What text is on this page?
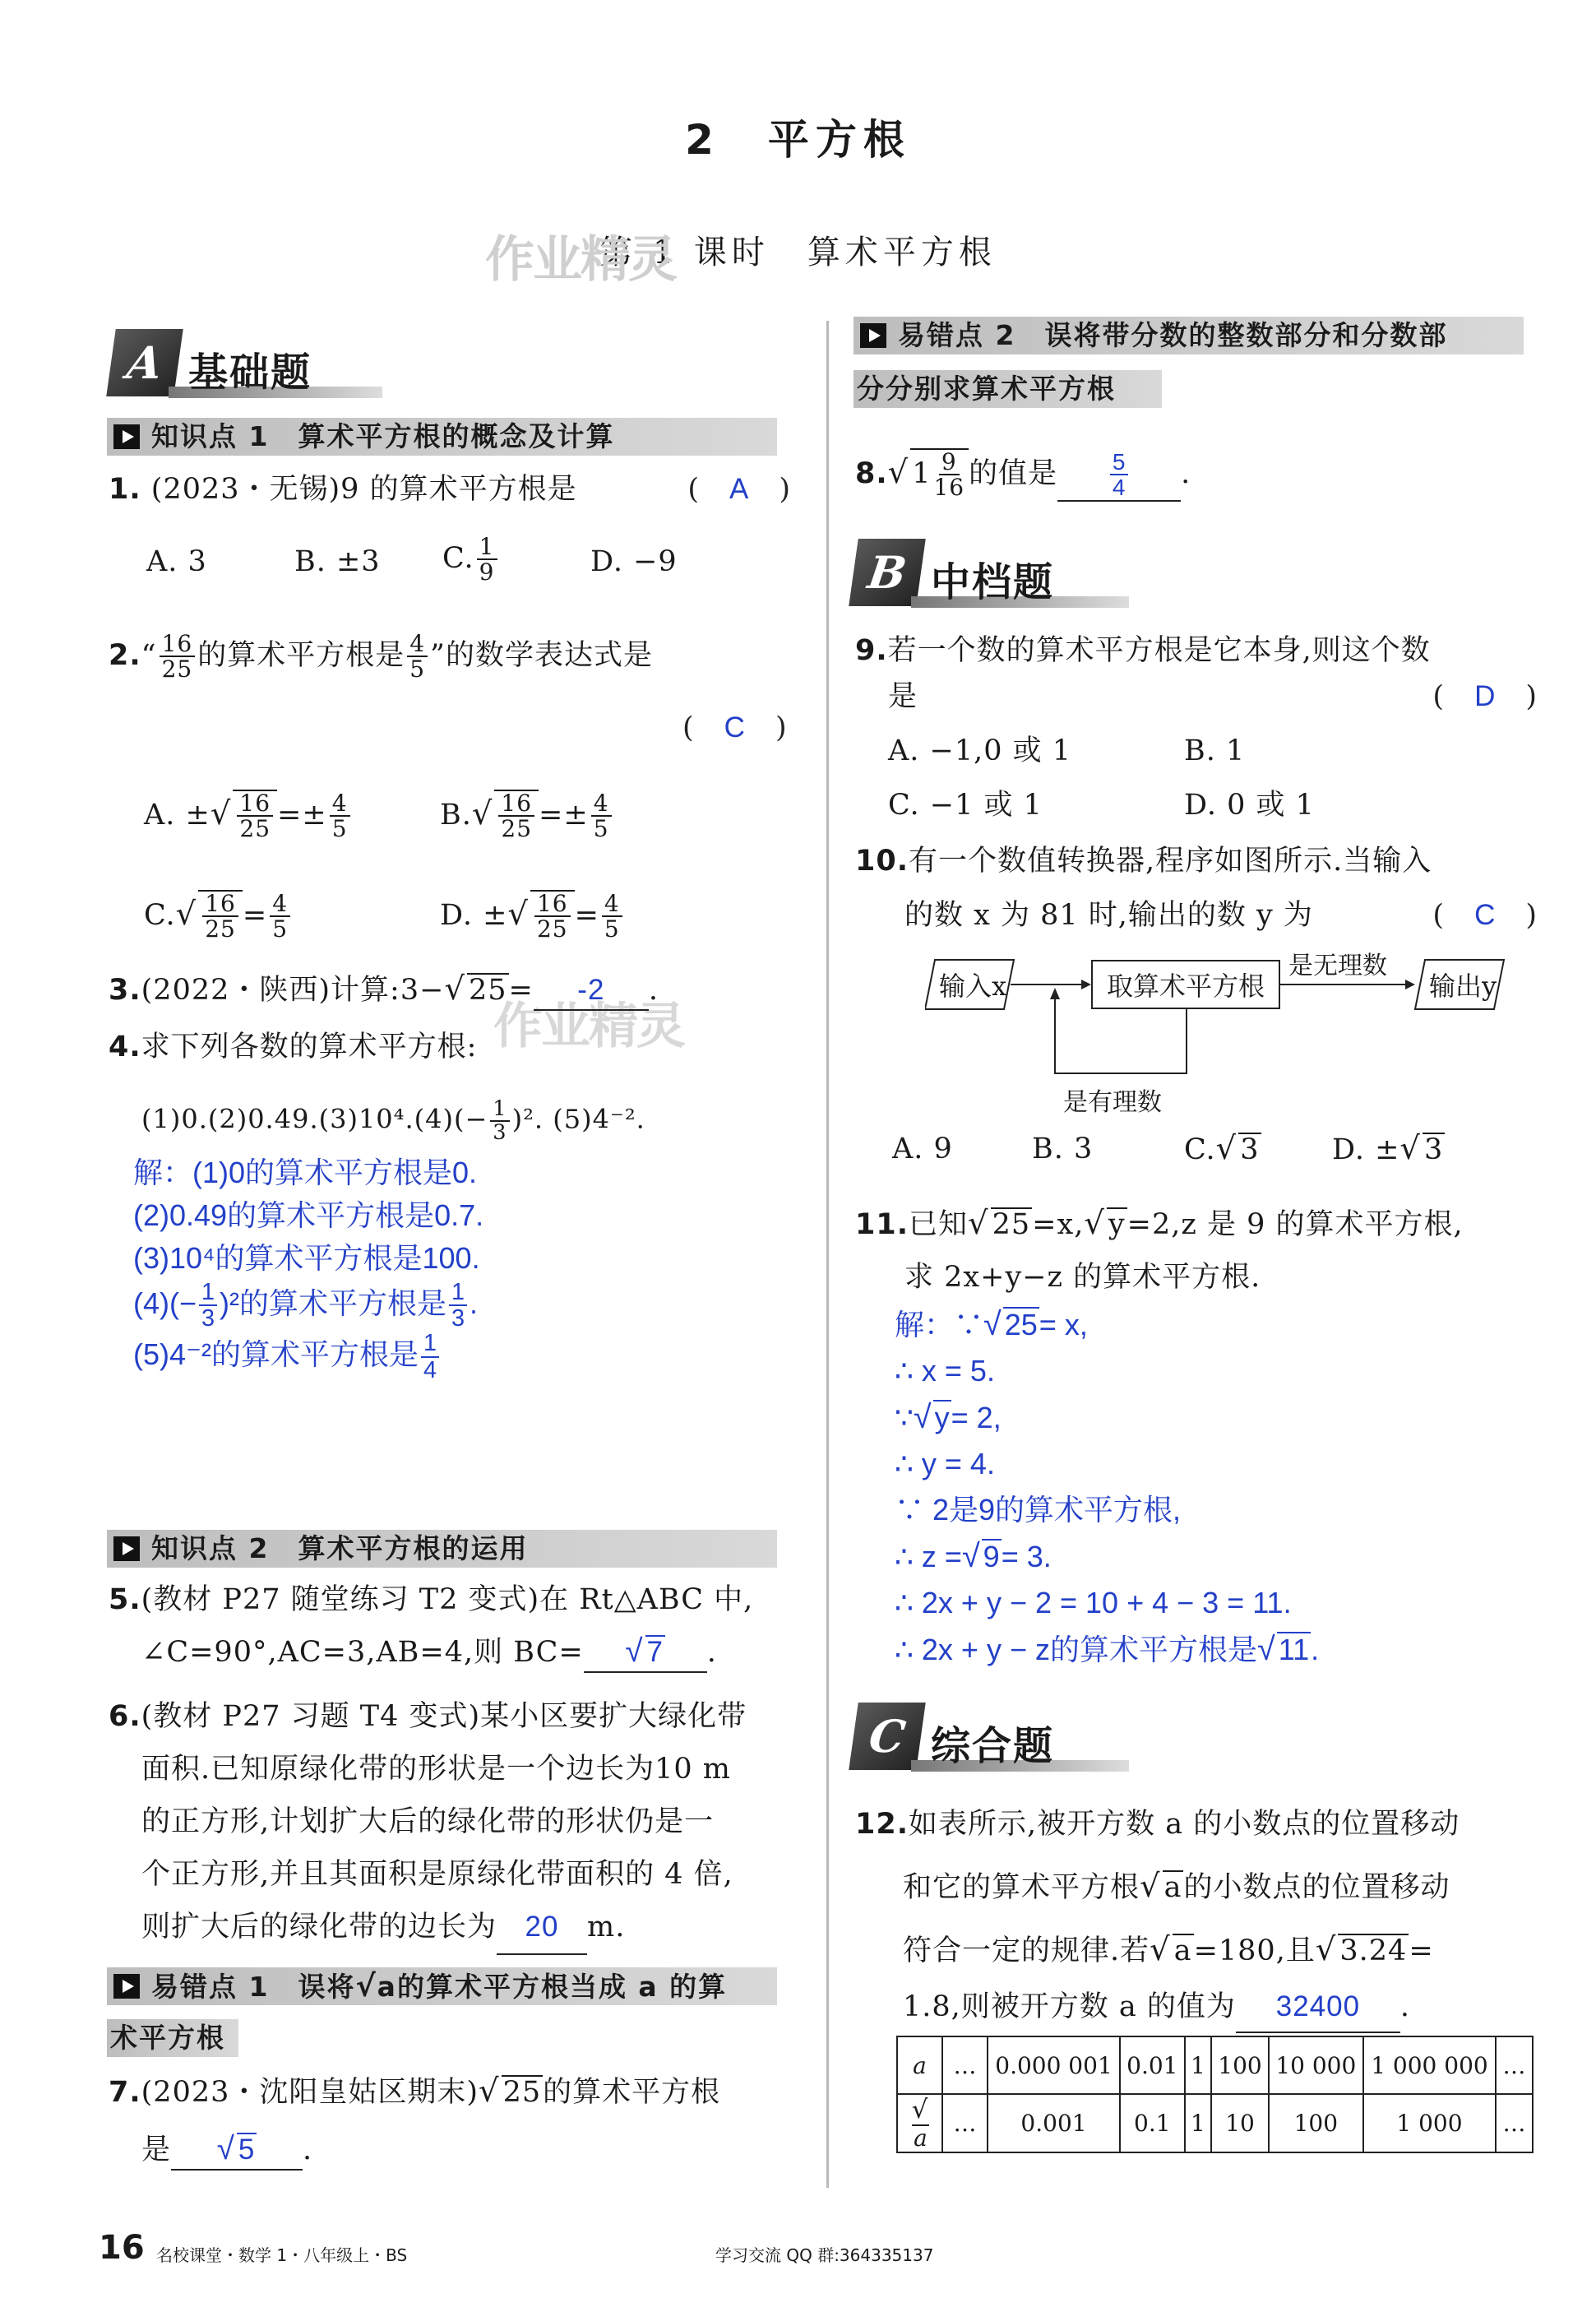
2　平方根
第 1 课时　算术平方根
作业精灵
作业精灵
A 基础题
知识点 1　算术平方根的概念及计算
1. (2023・无锡)9 的算术平方根是	(　A　)
A. 3	B. ±3 C. $\frac{1}{9}$	D. −9
2.“ $\frac{16}{25}$ 的算术平方根是 $\frac{4}{5}$ ”的数学表达式是
(　C　)
A. ±√ $\frac{16}{25} =\pm \frac{4}{5}$	$B.√ \frac{16}{25} =\pm \frac{4}{5}$
$C.√ \frac{16}{25} = \frac{4}{5}$	D. ±√ $\frac{16}{25} = \frac{4}{5}$
3.(2022・陕西)计算:3−√ 25= -2 .
4.求下列各数的算术平方根:
$(1)0.(2)0.49.(3)10^4.(4)(- \frac{1}{3} )^2$. (5)4⁻².
解：(1)0的算术平方根是0.
(2)0.49的算术平方根是0.7.
(3)10⁴的算术平方根是100.
$(4)(- \frac{1}{3} )^2$的算术平方根是 $\frac{1}{3}$ .
(5)4⁻²的算术平方根是 $\frac{1}{4}$
知识点 2　算术平方根的运用
5.(教材 P27 随堂练习 T2 变式)在 Rt△ABC 中,
∠C=90°,AC=3,AB=4,则 BC= √ 7 .
6.(教材 P27 习题 T4 变式)某小区要扩大绿化带
面积.已知原绿化带的形状是一个边长为10 m
的正方形,计划扩大后的绿化带的形状仍是一
个正方形,并且其面积是原绿化带面积的 4 倍,
则扩大后的绿化带的边长为 20 m.
易错点 1　误将√a的算术平方根当成 a 的算
术平方根
7.(2023・沈阳皇姑区期末)√ 25的算术平方根
是 √ 5 .
易错点 2　误将带分数的整数部分和分数部
分分别求算术平方根
8.√ $1 \frac{9}{16}$ 的值是 $\frac{5}{4}$ .
B 中档题
9.若一个数的算术平方根是它本身,则这个数
是	(　D　)
A. −1,0 或 1	B. 1
C. −1 或 1	D. 0 或 1
10.有一个数值转换器,程序如图所示.当输入
的数 x 为 81 时,输出的数 y 为	(　C　)
输入x	取算术平方根
是无理数
输出y
是有理数
A. 9	B. 3	C.√ 3	D. ±√ 3
11.已知√ 25=x,√ y=2,z 是 9 的算术平方根,
求 2x+y−z 的算术平方根.
解：∵√ 25= x,
∴ x = 5.
∵√ y= 2,
∴ y = 4.
∵ 2是9的算术平方根,
∴ z =√ 9= 3.
∴ 2x + y − 2 = 10 + 4 − 3 = 11.
∴ 2x + y − z的算术平方根是√ 11.
C 综合题
12.如表所示,被开方数 a 的小数点的位置移动
和它的算术平方根√ a的小数点的位置移动
符合一定的规律.若√ a=180,且√ 3.24=
1.8,则被开方数 a 的值为 32400 .
a	…	0.000 001	0.01	1	100	10 000	1 000 000	…
√a	…	0.001	0.1	1	10	100	1 000	…
16 名校课堂・数学 1・八年级上・BS	学习交流 QQ 群:364335137
